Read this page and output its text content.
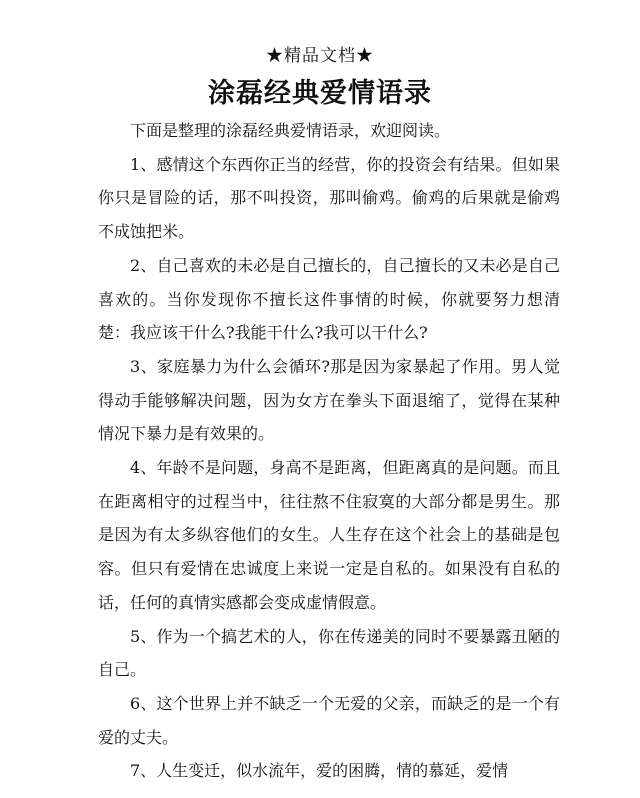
★精品文档★
涂磊经典爱情语录

下面是整理的涂磊经典爱情语录，欢迎阅读。

1、感情这个东西你正当的经营，你的投资会有结果。但如果你只是冒险的话，那不叫投资，那叫偷鸡。偷鸡的后果就是偷鸡不成蚀把米。

2、自己喜欢的未必是自己擅长的，自己擅长的又未必是自己喜欢的。当你发现你不擅长这件事情的时候，你就要努力想清楚：我应该干什么?我能干什么?我可以干什么?

3、家庭暴力为什么会循环?那是因为家暴起了作用。男人觉得动手能够解决问题，因为女方在拳头下面退缩了，觉得在某种情况下暴力是有效果的。

4、年龄不是问题，身高不是距离，但距离真的是问题。而且在距离相守的过程当中，往往熬不住寂寞的大部分都是男生。那是因为有太多纵容他们的女生。人生存在这个社会上的基础是包容。但只有爱情在忠诚度上来说一定是自私的。如果没有自私的话，任何的真情实感都会变成虚情假意。

5、作为一个搞艺术的人，你在传递美的同时不要暴露丑陋的自己。

6、这个世界上并不缺乏一个无爱的父亲，而缺乏的是一个有爱的丈夫。

7、人生变迁，似水流年，爱的困腾，情的慕延，爱情
